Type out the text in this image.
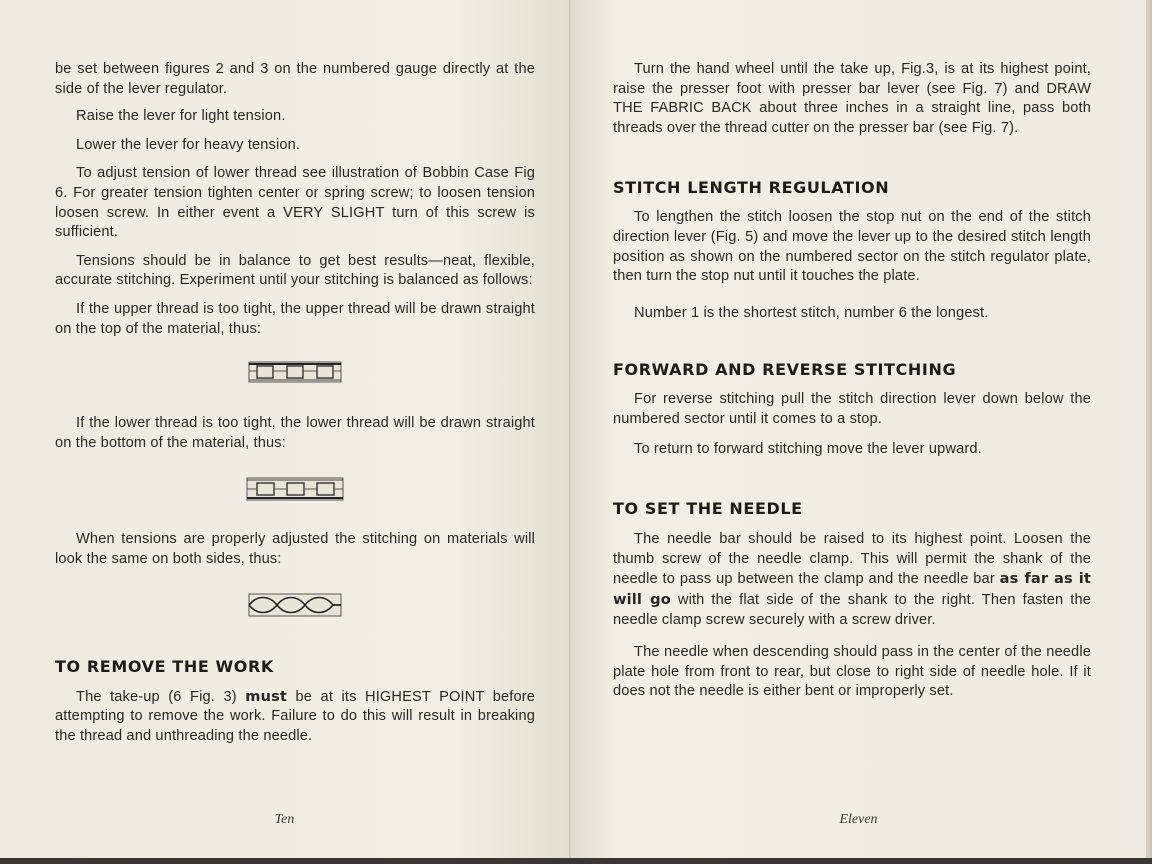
be set between figures 2 and 3 on the numbered gauge directly at the side of the lever regulator.

Raise the lever for light tension.

Lower the lever for heavy tension.

To adjust tension of lower thread see illustration of Bobbin Case Fig 6. For greater tension tighten center or spring screw; to loosen tension loosen screw. In either event a VERY SLIGHT turn of this screw is sufficient.

Tensions should be in balance to get best results—neat, flexible, accurate stitching. Experiment until your stitching is balanced as follows:

If the upper thread is too tight, the upper thread will be drawn straight on the top of the material, thus:

If the lower thread is too tight, the lower thread will be drawn straight on the bottom of the material, thus:

When tensions are properly adjusted the stitching on materials will look the same on both sides, thus:

TO REMOVE THE WORK

The take-up (6 Fig. 3) must be at its HIGHEST POINT before attempting to remove the work. Failure to do this will result in breaking the thread and unthreading the needle.

Ten

Turn the hand wheel until the take up, Fig.3, is at its highest point, raise the presser foot with presser bar lever (see Fig. 7) and DRAW THE FABRIC BACK about three inches in a straight line, pass both threads over the thread cutter on the presser bar (see Fig. 7).

STITCH LENGTH REGULATION

To lengthen the stitch loosen the stop nut on the end of the stitch direction lever (Fig. 5) and move the lever up to the desired stitch length position as shown on the numbered sector on the stitch regulator plate, then turn the stop nut until it touches the plate.

Number 1 is the shortest stitch, number 6 the longest.

FORWARD AND REVERSE STITCHING

For reverse stitching pull the stitch direction lever down below the numbered sector until it comes to a stop.

To return to forward stitching move the lever upward.

TO SET THE NEEDLE

The needle bar should be raised to its highest point. Loosen the thumb screw of the needle clamp. This will permit the shank of the needle to pass up between the clamp and the needle bar as far as it will go with the flat side of the shank to the right. Then fasten the needle clamp screw securely with a screw driver.

The needle when descending should pass in the center of the needle plate hole from front to rear, but close to right side of needle hole. If it does not the needle is either bent or improperly set.

Eleven
